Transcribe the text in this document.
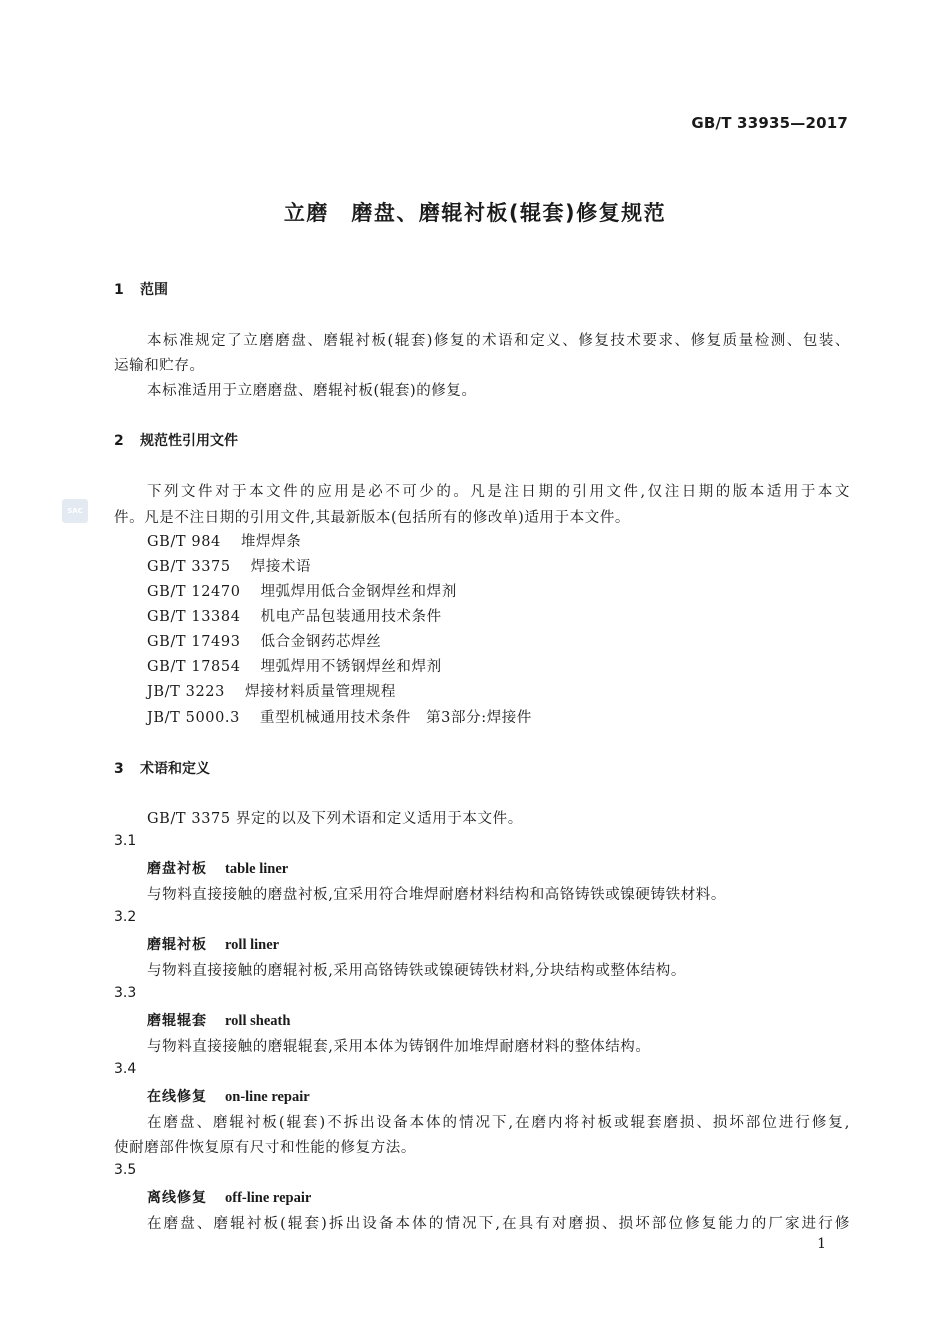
GB/T 33935—2017
立磨　磨盘、磨辊衬板(辊套)修复规范
SAC
1 范围
本标准规定了立磨磨盘、磨辊衬板(辊套)修复的术语和定义、修复技术要求、修复质量检测、包装、
运输和贮存。
本标准适用于立磨磨盘、磨辊衬板(辊套)的修复。
2 规范性引用文件
下列文件对于本文件的应用是必不可少的。凡是注日期的引用文件,仅注日期的版本适用于本文
件。凡是不注日期的引用文件,其最新版本(包括所有的修改单)适用于本文件。
GB/T 984 堆焊焊条
GB/T 3375 焊接术语
GB/T 12470 埋弧焊用低合金钢焊丝和焊剂
GB/T 13384 机电产品包装通用技术条件
GB/T 17493 低合金钢药芯焊丝
GB/T 17854 埋弧焊用不锈钢焊丝和焊剂
JB/T 3223 焊接材料质量管理规程
JB/T 5000.3 重型机械通用技术条件　第3部分:焊接件
3 术语和定义
GB/T 3375 界定的以及下列术语和定义适用于本文件。
3.1
磨盘衬板 table liner
与物料直接接触的磨盘衬板,宜采用符合堆焊耐磨材料结构和高铬铸铁或镍硬铸铁材料。
3.2
磨辊衬板 roll liner
与物料直接接触的磨辊衬板,采用高铬铸铁或镍硬铸铁材料,分块结构或整体结构。
3.3
磨辊辊套 roll sheath
与物料直接接触的磨辊辊套,采用本体为铸钢件加堆焊耐磨材料的整体结构。
3.4
在线修复 on-line repair
在磨盘、磨辊衬板(辊套)不拆出设备本体的情况下,在磨内将衬板或辊套磨损、损坏部位进行修复,
使耐磨部件恢复原有尺寸和性能的修复方法。
3.5
离线修复 off-line repair
在磨盘、磨辊衬板(辊套)拆出设备本体的情况下,在具有对磨损、损坏部位修复能力的厂家进行修
1
